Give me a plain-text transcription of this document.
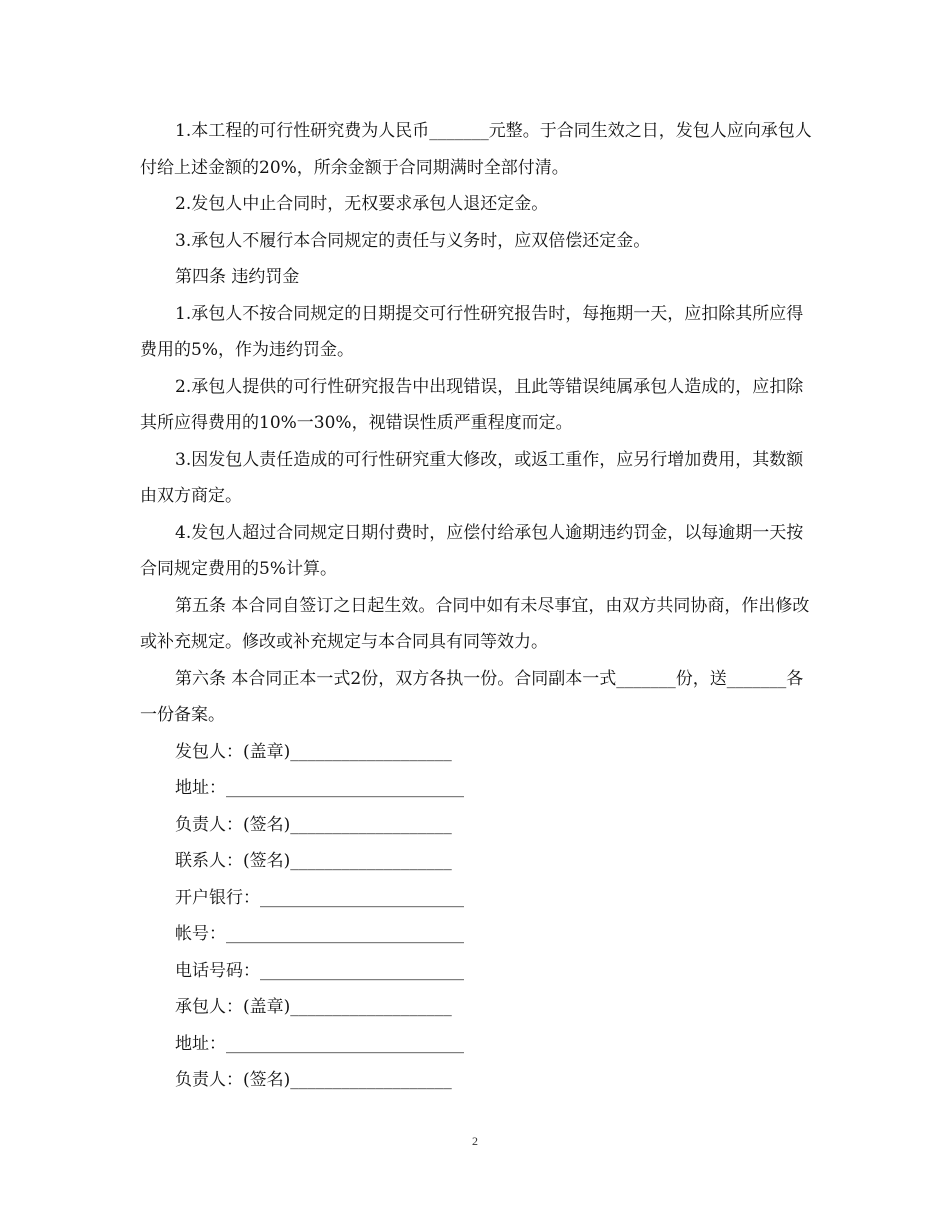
1.本工程的可行性研究费为人民币_______元整。于合同生效之日，发包人应向承包人付给上述金额的20%，所余金额于合同期满时全部付清。

2.发包人中止合同时，无权要求承包人退还定金。

3.承包人不履行本合同规定的责任与义务时，应双倍偿还定金。

第四条 违约罚金

1.承包人不按合同规定的日期提交可行性研究报告时，每拖期一天，应扣除其所应得费用的5%，作为违约罚金。

2.承包人提供的可行性研究报告中出现错误，且此等错误纯属承包人造成的，应扣除其所应得费用的10%一30%，视错误性质严重程度而定。

3.因发包人责任造成的可行性研究重大修改，或返工重作，应另行增加费用，其数额由双方商定。

4.发包人超过合同规定日期付费时，应偿付给承包人逾期违约罚金，以每逾期一天按合同规定费用的5%计算。

第五条 本合同自签订之日起生效。合同中如有未尽事宜，由双方共同协商，作出修改或补充规定。修改或补充规定与本合同具有同等效力。

第六条 本合同正本一式2份，双方各执一份。合同副本一式_______份，送_______各一份备案。

发包人：(盖章)___________________

地址：____________________________

负责人：(签名)___________________

联系人：(签名)___________________

开户银行：________________________

帐号：____________________________

电话号码：________________________

承包人：(盖章)___________________

地址：____________________________

负责人：(签名)___________________

2
